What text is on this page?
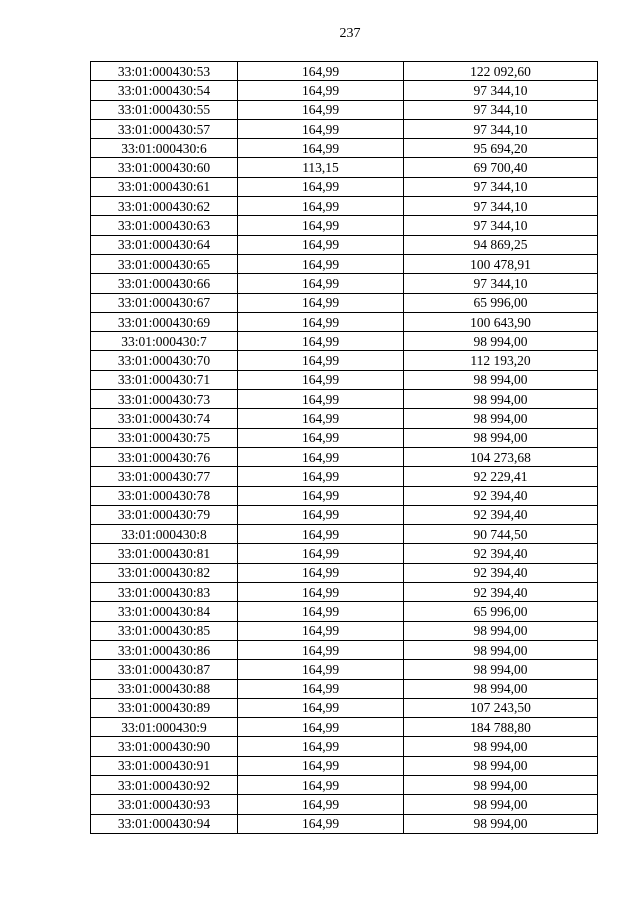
237
33:01:000430:53	164,99	122 092,60
33:01:000430:54	164,99	97 344,10
33:01:000430:55	164,99	97 344,10
33:01:000430:57	164,99	97 344,10
33:01:000430:6	164,99	95 694,20
33:01:000430:60	113,15	69 700,40
33:01:000430:61	164,99	97 344,10
33:01:000430:62	164,99	97 344,10
33:01:000430:63	164,99	97 344,10
33:01:000430:64	164,99	94 869,25
33:01:000430:65	164,99	100 478,91
33:01:000430:66	164,99	97 344,10
33:01:000430:67	164,99	65 996,00
33:01:000430:69	164,99	100 643,90
33:01:000430:7	164,99	98 994,00
33:01:000430:70	164,99	112 193,20
33:01:000430:71	164,99	98 994,00
33:01:000430:73	164,99	98 994,00
33:01:000430:74	164,99	98 994,00
33:01:000430:75	164,99	98 994,00
33:01:000430:76	164,99	104 273,68
33:01:000430:77	164,99	92 229,41
33:01:000430:78	164,99	92 394,40
33:01:000430:79	164,99	92 394,40
33:01:000430:8	164,99	90 744,50
33:01:000430:81	164,99	92 394,40
33:01:000430:82	164,99	92 394,40
33:01:000430:83	164,99	92 394,40
33:01:000430:84	164,99	65 996,00
33:01:000430:85	164,99	98 994,00
33:01:000430:86	164,99	98 994,00
33:01:000430:87	164,99	98 994,00
33:01:000430:88	164,99	98 994,00
33:01:000430:89	164,99	107 243,50
33:01:000430:9	164,99	184 788,80
33:01:000430:90	164,99	98 994,00
33:01:000430:91	164,99	98 994,00
33:01:000430:92	164,99	98 994,00
33:01:000430:93	164,99	98 994,00
33:01:000430:94	164,99	98 994,00
